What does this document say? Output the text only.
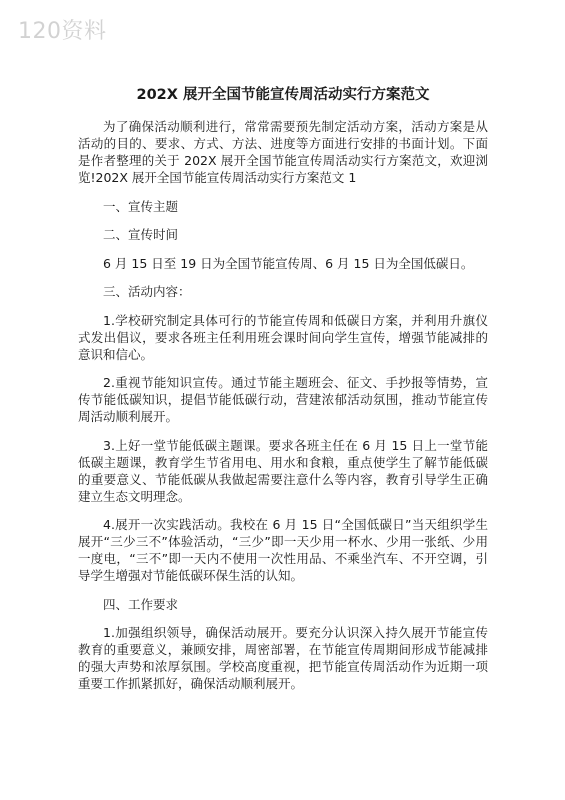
120资料
202X 展开全国节能宣传周活动实行方案范文

为了确保活动顺利进行，常常需要预先制定活动方案，活动方案是从活动的目的、要求、方式、方法、进度等方面进行安排的书面计划。下面是作者整理的关于 202X 展开全国节能宣传周活动实行方案范文，欢迎浏览!202X 展开全国节能宣传周活动实行方案范文 1

一、宣传主题

二、宣传时间

6 月 15 日至 19 日为全国节能宣传周、6 月 15 日为全国低碳日。

三、活动内容：

1.学校研究制定具体可行的节能宣传周和低碳日方案，并利用升旗仪式发出倡议，要求各班主任利用班会课时间向学生宣传，增强节能减排的意识和信心。

2.重视节能知识宣传。通过节能主题班会、征文、手抄报等情势，宣传节能低碳知识，提倡节能低碳行动，营建浓郁活动氛围，推动节能宣传周活动顺利展开。

3.上好一堂节能低碳主题课。要求各班主任在 6 月 15 日上一堂节能低碳主题课，教育学生节省用电、用水和食粮，重点使学生了解节能低碳的重要意义、节能低碳从我做起需要注意什么等内容，教育引导学生正确建立生态文明理念。

4.展开一次实践活动。我校在 6 月 15 日“全国低碳日”当天组织学生展开“三少三不”体验活动，“三少”即一天少用一杯水、少用一张纸、少用一度电，“三不”即一天内不使用一次性用品、不乘坐汽车、不开空调，引导学生增强对节能低碳环保生活的认知。

四、工作要求

1.加强组织领导，确保活动展开。要充分认识深入持久展开节能宣传教育的重要意义，兼顾安排，周密部署，在节能宣传周期间形成节能减排的强大声势和浓厚氛围。学校高度重视，把节能宣传周活动作为近期一项重要工作抓紧抓好，确保活动顺利展开。
